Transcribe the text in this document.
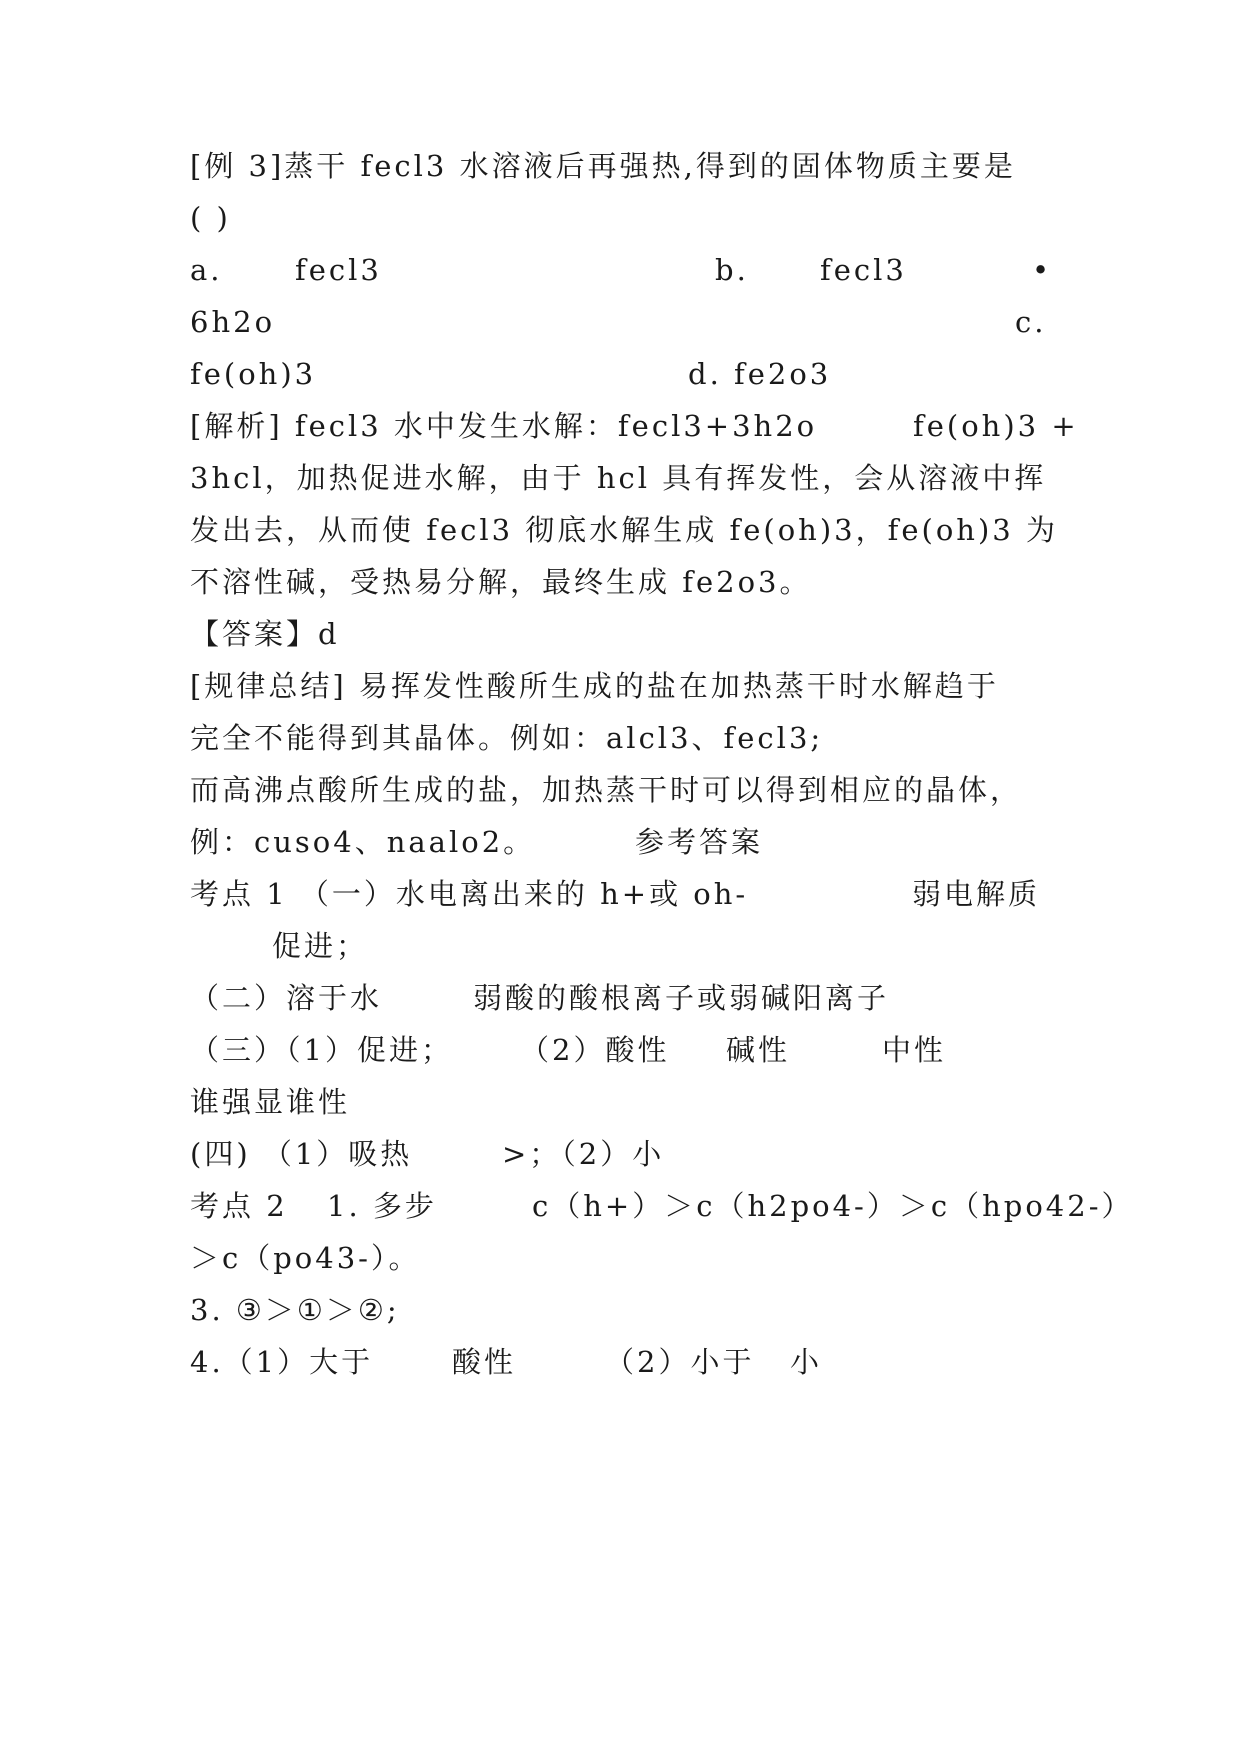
[例 3]蒸干 fecl3 水溶液后再强热,得到的固体物质主要是
( )
a. fecl3	b. fecl3	•
6h2o	c.
fe(oh)3	d. fe2o3
[解析] fecl3 水中发生水解：fecl3+3h2o	fe(oh)3 +
3hcl，加热促进水解，由于 hcl 具有挥发性，会从溶液中挥
发出去，从而使 fecl3 彻底水解生成 fe(oh)3，fe(oh)3 为
不溶性碱，受热易分解，最终生成 fe2o3。
【答案】d
[规律总结] 易挥发性酸所生成的盐在加热蒸干时水解趋于
完全不能得到其晶体。例如：alcl3、fecl3;
而高沸点酸所生成的盐，加热蒸干时可以得到相应的晶体，
例：cuso4、naalo2。	参考答案
考点 1 （一）水电离出来的 h+或 oh-	弱电解质
促进；
（二）溶于水	弱酸的酸根离子或弱碱阳离子
（三）（1）促进； （2）酸性 碱性	中性
谁强显谁性
(四) （1）吸热	>；（2）小
考点 2 1. 多步	c（h+）＞c（h2po4-）＞c（hpo42-）
＞c（po43-）。
3. ③＞①＞②;
4.（1）大于	酸性	（2）小于 小
